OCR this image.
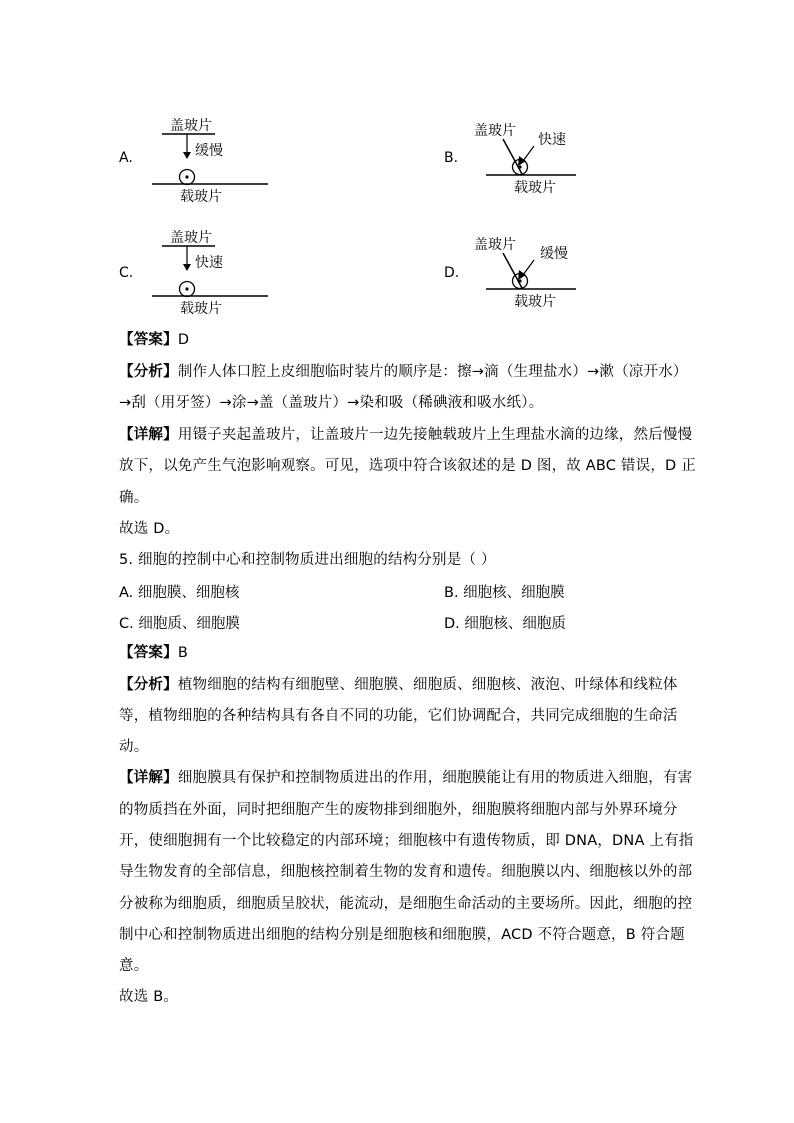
A.
盖玻片
缓慢
载玻片
B.
盖玻片
快速
载玻片
C.
盖玻片
快速
载玻片
D.
盖玻片
缓慢
载玻片
【答案】D
【分析】制作人体口腔上皮细胞临时装片的顺序是：擦→滴（生理盐水）→漱（凉开水）
→刮（用牙签）→涂→盖（盖玻片）→染和吸（稀碘液和吸水纸）。
【详解】用镊子夹起盖玻片，让盖玻片一边先接触载玻片上生理盐水滴的边缘，然后慢慢
放下，以免产生气泡影响观察。可见，选项中符合该叙述的是 D 图，故 ABC 错误，D 正
确。
故选 D。
5. 细胞的控制中心和控制物质进出细胞的结构分别是（ ）
A. 细胞膜、细胞核	B. 细胞核、细胞膜
C. 细胞质、细胞膜	D. 细胞核、细胞质
【答案】B
【分析】植物细胞的结构有细胞壁、细胞膜、细胞质、细胞核、液泡、叶绿体和线粒体
等，植物细胞的各种结构具有各自不同的功能，它们协调配合，共同完成细胞的生命活
动。
【详解】细胞膜具有保护和控制物质进出的作用，细胞膜能让有用的物质进入细胞，有害
的物质挡在外面，同时把细胞产生的废物排到细胞外，细胞膜将细胞内部与外界环境分
开，使细胞拥有一个比较稳定的内部环境；细胞核中有遗传物质，即 DNA，DNA 上有指
导生物发育的全部信息，细胞核控制着生物的发育和遗传。细胞膜以内、细胞核以外的部
分被称为细胞质，细胞质呈胶状，能流动，是细胞生命活动的主要场所。因此，细胞的控
制中心和控制物质进出细胞的结构分别是细胞核和细胞膜，ACD 不符合题意，B 符合题
意。
故选 B。
